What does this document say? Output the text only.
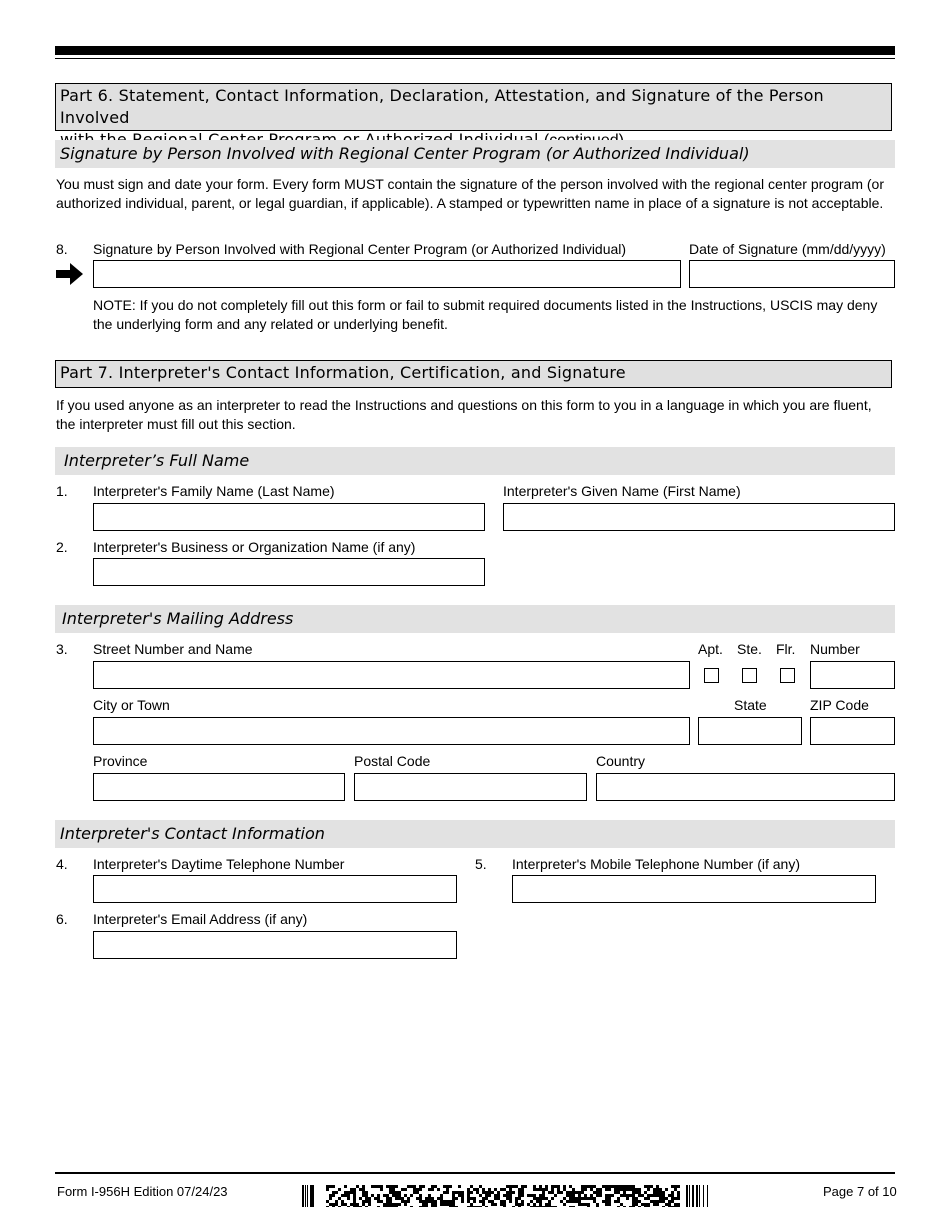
Part 6. Statement, Contact Information, Declaration, Attestation, and Signature of the Person Involved
Signature by Person Involved with Regional Center Program (or Authorized Individual)
You must sign and date your form. Every form MUST contain the signature of the person involved with the regional center program (or authorized individual, parent, or legal guardian, if applicable). A stamped or typewritten name in place of a signature is not acceptable.
8. Signature by Person Involved with Regional Center Program (or Authorized Individual)	Date of Signature (mm/dd/yyyy)
NOTE: If you do not completely fill out this form or fail to submit required documents listed in the Instructions, USCIS may deny the underlying form and any related or underlying benefit.
Part 7. Interpreter's Contact Information, Certification, and Signature
If you used anyone as an interpreter to read the Instructions and questions on this form to you in a language in which you are fluent, the interpreter must fill out this section.
Interpreter’s Full Name
1. Interpreter's Family Name (Last Name)	Interpreter's Given Name (First Name)
2. Interpreter's Business or Organization Name (if any)
Interpreter's Mailing Address
3. Street Number and Name	Apt. Ste. Flr. Number
City or Town	State	ZIP Code
Province	Postal Code	Country
Interpreter's Contact Information
4. Interpreter's Daytime Telephone Number	5. Interpreter's Mobile Telephone Number (if any)
6. Interpreter's Email Address (if any)
Form I-956H Edition 07/24/23	Page 7 of 10
